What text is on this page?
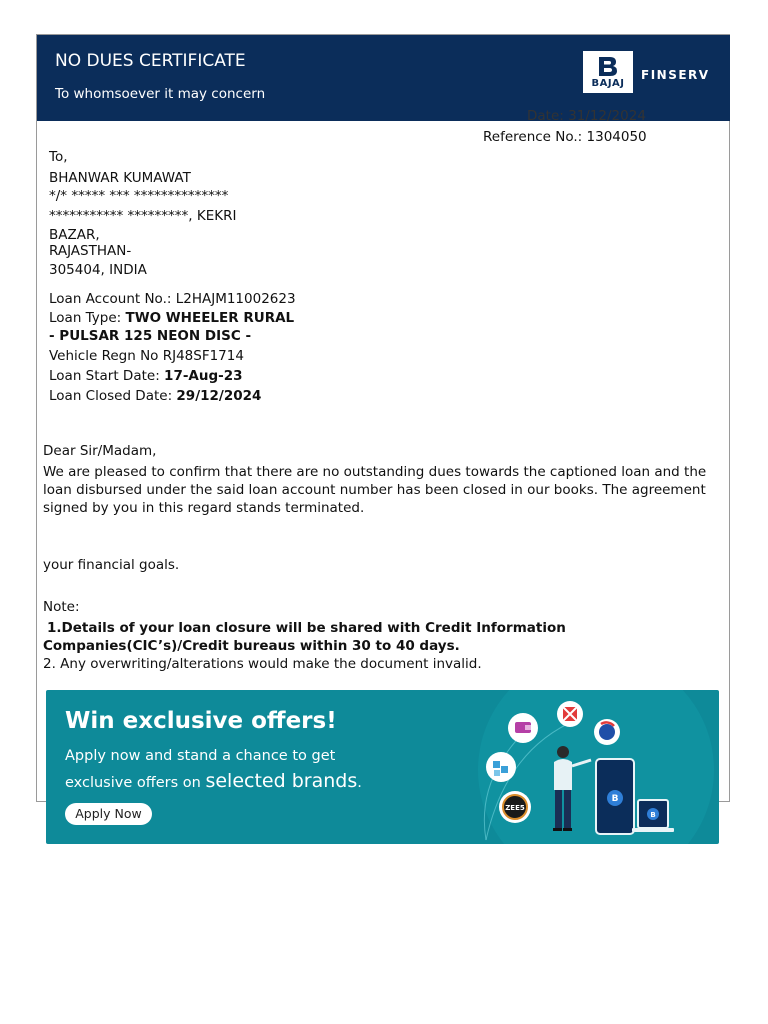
NO DUES CERTIFICATE
To whomsoever it may concern
BAJAJ
FINSERV
Date: 31/12/2024
Reference No.: 1304050
To,
BHANWAR KUMAWAT
*/* ***** *** **************
*********** *********, KEKRI
BAZAR,
RAJASTHAN-
305404, INDIA
Loan Account No.: L2HAJM11002623
Loan Type: TWO WHEELER RURAL
- PULSAR 125 NEON DISC -
Vehicle Regn No RJ48SF1714
Loan Start Date: 17-Aug-23
Loan Closed Date: 29/12/2024
Dear Sir/Madam,
We are pleased to confirm that there are no outstanding dues towards the captioned loan and the
loan disbursed under the said loan account number has been closed in our books. The agreement
signed by you in this regard stands terminated.
your financial goals.
Note:
1.Details of your loan closure will be shared with Credit Information
Companies(CIC’s)/Credit bureaus within 30 to 40 days.
2. Any overwriting/alterations would make the document invalid.
Win exclusive offers!
Apply now and stand a chance to get
exclusive offers on selected brands.
Apply Now	ZEE5
B
B
